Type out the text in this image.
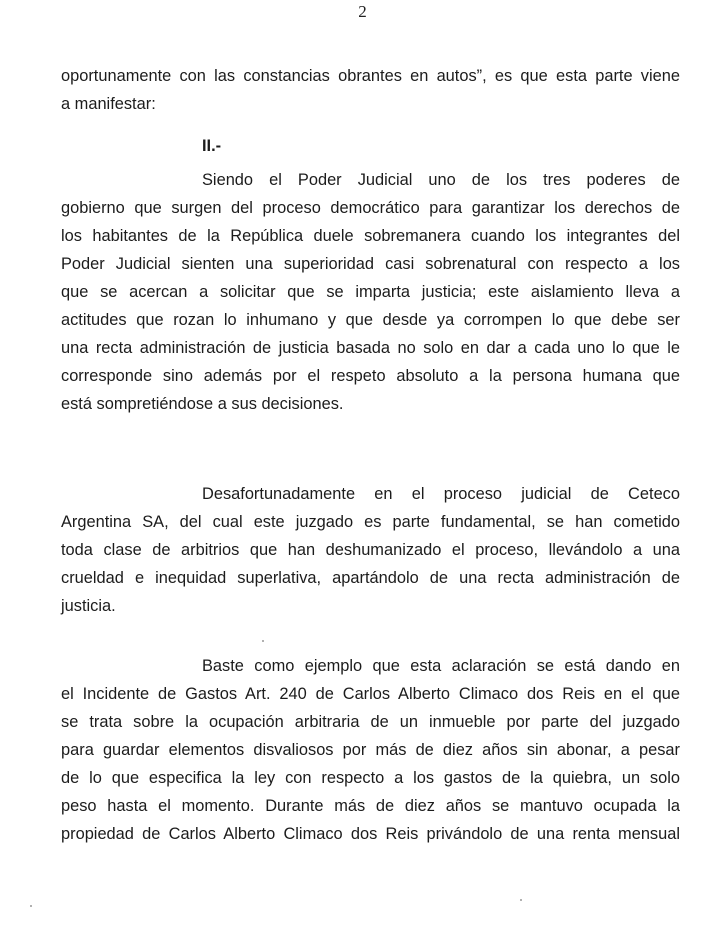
2
oportunamente con las constancias obrantes en autos”, es que esta parte viene
a manifestar:
II.-
Siendo el Poder Judicial uno de los tres poderes de
gobierno que surgen del proceso democrático para garantizar los derechos de
los habitantes de la República duele sobremanera cuando los integrantes del
Poder Judicial sienten una superioridad casi sobrenatural con respecto a los
que se acercan a solicitar que se imparta justicia; este aislamiento lleva a
actitudes que rozan lo inhumano y que desde ya corrompen lo que debe ser
una recta administración de justicia basada no solo en dar a cada uno lo que le
corresponde sino además por el respeto absoluto a la persona humana que
está sompretiéndose a sus decisiones.
Desafortunadamente en el proceso judicial de Ceteco
Argentina SA, del cual este juzgado es parte fundamental, se han cometido
toda clase de arbitrios que han deshumanizado el proceso, llevándolo a una
crueldad e inequidad superlativa, apartándolo de una recta administración de
justicia.
Baste como ejemplo que esta aclaración se está dando en
el Incidente de Gastos Art. 240 de Carlos Alberto Climaco dos Reis en el que
se trata sobre la ocupación arbitraria de un inmueble por parte del juzgado
para guardar elementos disvaliosos por más de diez años sin abonar, a pesar
de lo que especifica la ley con respecto a los gastos de la quiebra, un solo
peso hasta el momento. Durante más de diez años se mantuvo ocupada la
propiedad de Carlos Alberto Climaco dos Reis privándolo de una renta mensual
